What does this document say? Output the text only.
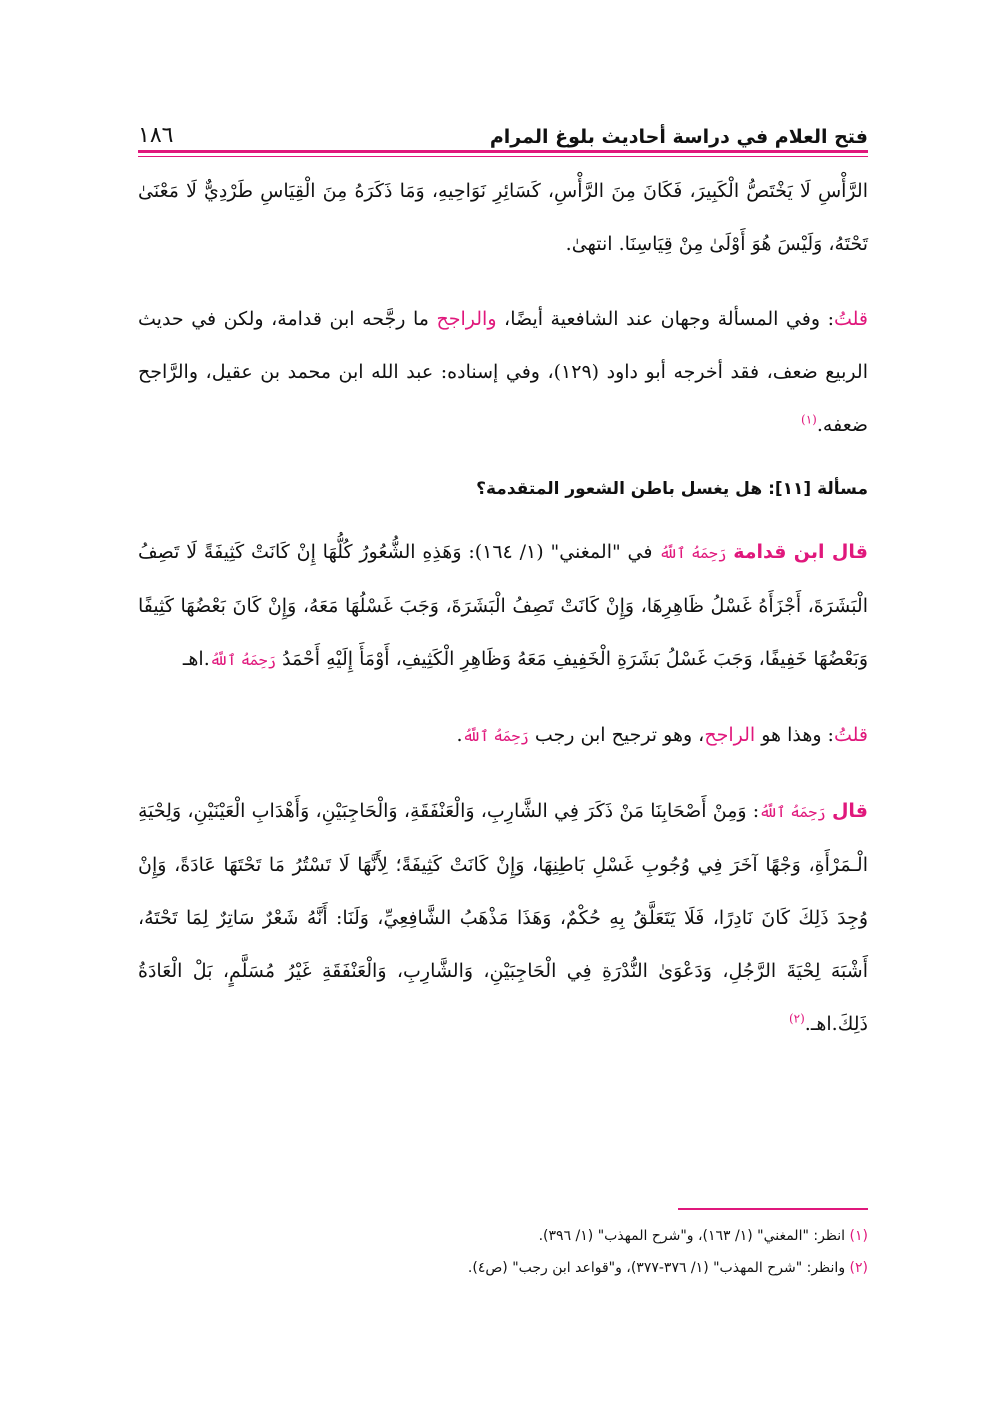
فتح العلام في دراسة أحاديث بلوغ المرام
١٨٦

الرَّأْسِ لَا يَخْتَصُّ الْكَبِيرَ، فَكَانَ مِنَ الرَّأْسِ، كَسَائِرِ نَوَاحِيهِ، وَمَا ذَكَرَهُ مِنَ الْقِيَاسِ طَرْدِيٌّ لَا مَعْنَىٰ تَحْتَهُ، وَلَيْسَ هُوَ أَوْلَىٰ مِنْ قِيَاسِنَا. انتهىٰ.

قلتُ: وفي المسألة وجهان عند الشافعية أيضًا، والراجح ما رجَّحه ابن قدامة، ولكن في حديث الربيع ضعف، فقد أخرجه أبو داود (١٢٩)، وفي إسناده: عبد الله ابن محمد بن عقيل، والرَّاجح ضعفه.$^{(١)}$

مسألة [١١]: هل يغسل باطن الشعور المتقدمة؟

قال ابن قدامة رَحِمَهُ ٱللَّهُ في "المغني" (١/ ١٦٤): وَهَذِهِ الشُّعُورُ كُلُّهَا إِنْ كَانَتْ كَثِيفَةً لَا تَصِفُ الْبَشَرَةَ، أَجْزَأَهُ غَسْلُ ظَاهِرِهَا، وَإِنْ كَانَتْ تَصِفُ الْبَشَرَةَ، وَجَبَ غَسْلُهَا مَعَهُ، وَإِنْ كَانَ بَعْضُهَا كَثِيفًا وَبَعْضُهَا خَفِيفًا، وَجَبَ غَسْلُ بَشَرَةِ الْخَفِيفِ مَعَهُ وَظَاهِرِ الْكَثِيفِ، أَوْمَأَ إِلَيْهِ أَحْمَدُ رَحِمَهُ ٱللَّهُ.اهـ

قلتُ: وهذا هو الراجح، وهو ترجيح ابن رجب رَحِمَهُ ٱللَّهُ.

قال رَحِمَهُ ٱللَّهُ: وَمِنْ أَصْحَابِنَا مَنْ ذَكَرَ فِي الشَّارِبِ، وَالْعَنْفَقَةِ، وَالْحَاجِبَيْنِ، وَأَهْدَابِ الْعَيْنَيْنِ، وَلِحْيَةِ الْـمَرْأَةِ، وَجْهًا آخَرَ فِي وُجُوبِ غَسْلِ بَاطِنِهَا، وَإِنْ كَانَتْ كَثِيفَةً؛ لِأَنَّهَا لَا تَسْتُرُ مَا تَحْتَهَا عَادَةً، وَإِنْ وُجِدَ ذَلِكَ كَانَ نَادِرًا، فَلَا يَتَعَلَّقُ بِهِ حُكْمٌ، وَهَذَا مَذْهَبُ الشَّافِعِيِّ، وَلَنَا: أَنَّهُ شَعْرٌ سَاتِرٌ لِمَا تَحْتَهُ، أَشْبَهَ لِحْيَةَ الرَّجُلِ، وَدَعْوَىٰ النُّدْرَةِ فِي الْحَاجِبَيْنِ، وَالشَّارِبِ، وَالْعَنْفَقَةِ غَيْرُ مُسَلَّمٍ، بَلْ الْعَادَةُ ذَلِكَ.اهـ.$^{(٢)}$

(١) انظر: "المغني" (١/ ١٦٣)، و"شرح المهذب" (١/ ٣٩٦).

(٢) وانظر: "شرح المهذب" (١/ ٣٧٦-٣٧٧)، و"قواعد ابن رجب" (ص٤).
